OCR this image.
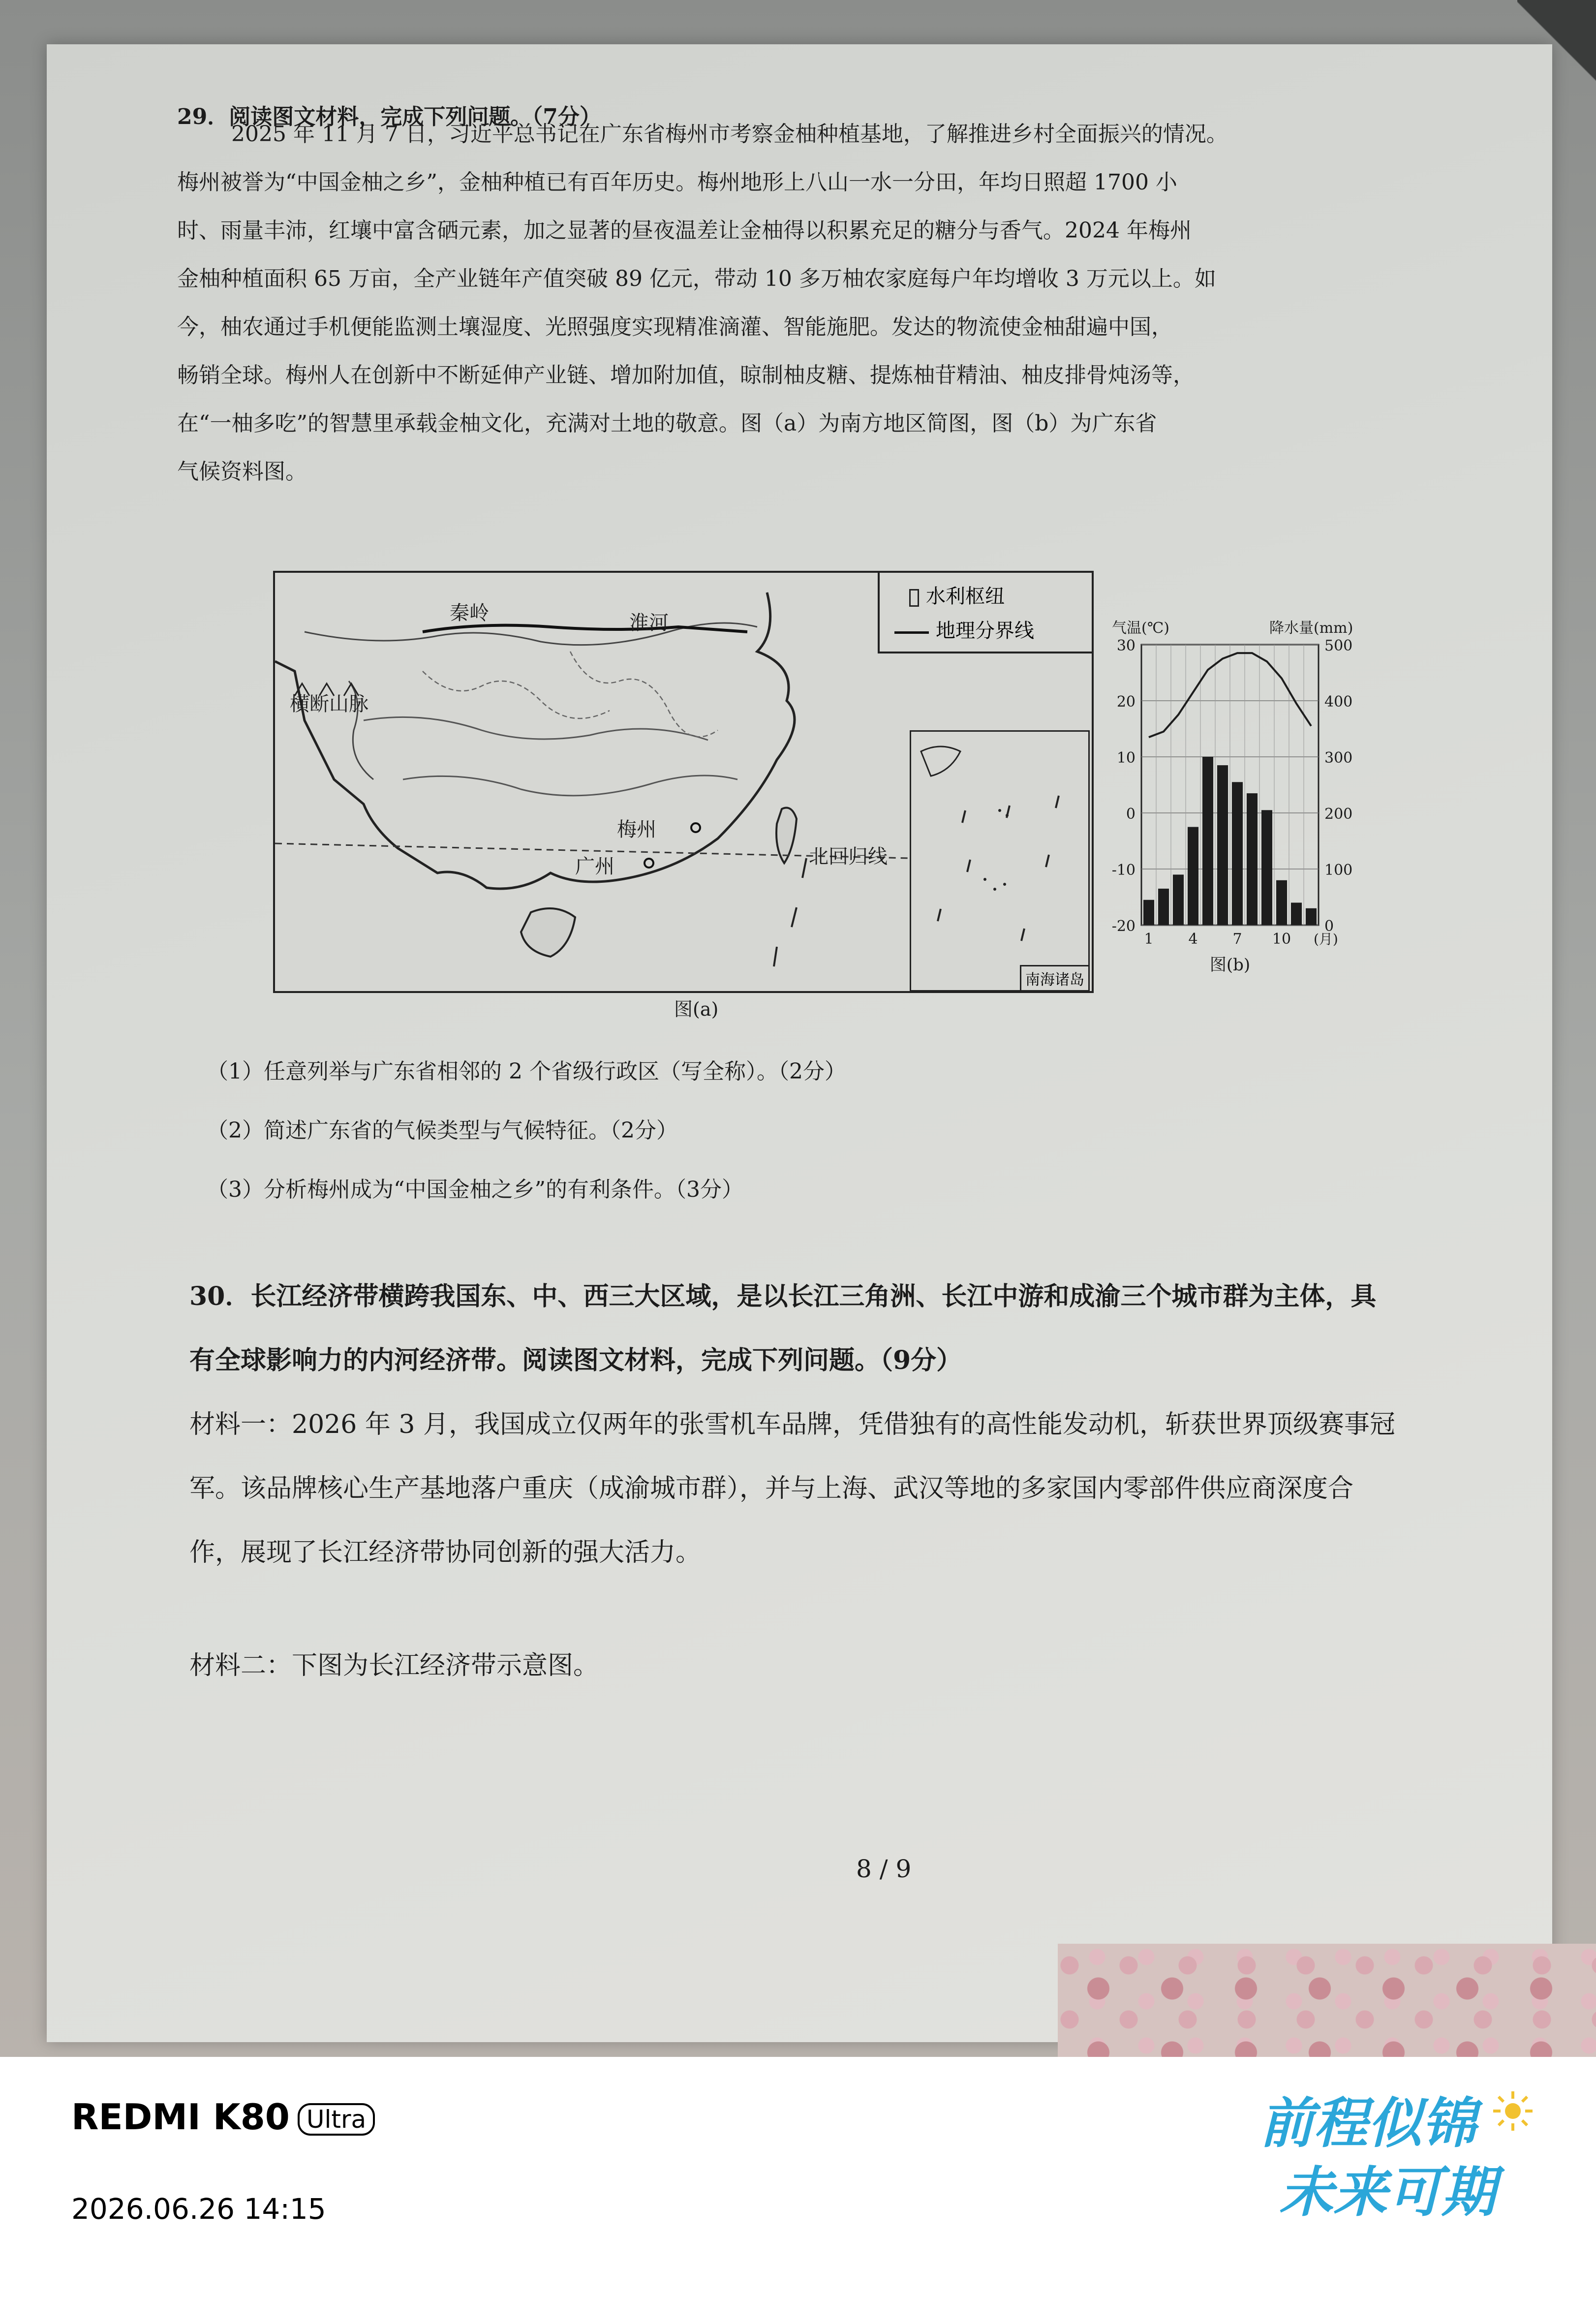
29．阅读图文材料，完成下列问题。（7分）
2025 年 11 月 7 日，习近平总书记在广东省梅州市考察金柚种植基地，了解推进乡村全面振兴的情况。
梅州被誉为“中国金柚之乡”，金柚种植已有百年历史。梅州地形上八山一水一分田，年均日照超 1700 小
时、雨量丰沛，红壤中富含硒元素，加之显著的昼夜温差让金柚得以积累充足的糖分与香气。2024 年梅州
金柚种植面积 65 万亩，全产业链年产值突破 89 亿元，带动 10 多万柚农家庭每户年均增收 3 万元以上。如
今，柚农通过手机便能监测土壤湿度、光照强度实现精准滴灌、智能施肥。发达的物流使金柚甜遍中国，
畅销全球。梅州人在创新中不断延伸产业链、增加附加值，晾制柚皮糖、提炼柚苷精油、柚皮排骨炖汤等，
在“一柚多吃”的智慧里承载金柚文化，充满对土地的敬意。图（a）为南方地区简图，图（b）为广东省
气候资料图。
秦岭	淮河
横断山脉
梅州
广州	北回归线
水利枢纽
地理分界线
南海诸岛
图(a)
30
20
10
0
-10
-20
500
400
300
200
100
0
气温(℃)	降水量(mm)
1 4 7 10 (月)
图(b)
（1）任意列举与广东省相邻的 2 个省级行政区（写全称）。（2分）
（2）简述广东省的气候类型与气候特征。（2分）
（3）分析梅州成为“中国金柚之乡”的有利条件。（3分）
30．长江经济带横跨我国东、中、西三大区域，是以长江三角洲、长江中游和成渝三个城市群为主体，具
有全球影响力的内河经济带。阅读图文材料，完成下列问题。（9分）
材料一：2026 年 3 月，我国成立仅两年的张雪机车品牌，凭借独有的高性能发动机，斩获世界顶级赛事冠
军。该品牌核心生产基地落户重庆（成渝城市群），并与上海、武汉等地的多家国内零部件供应商深度合
作，展现了长江经济带协同创新的强大活力。
材料二：下图为长江经济带示意图。
8 / 9
REDMI K80 Ultra
2026.06.26 14:15
前程似锦
未来可期
